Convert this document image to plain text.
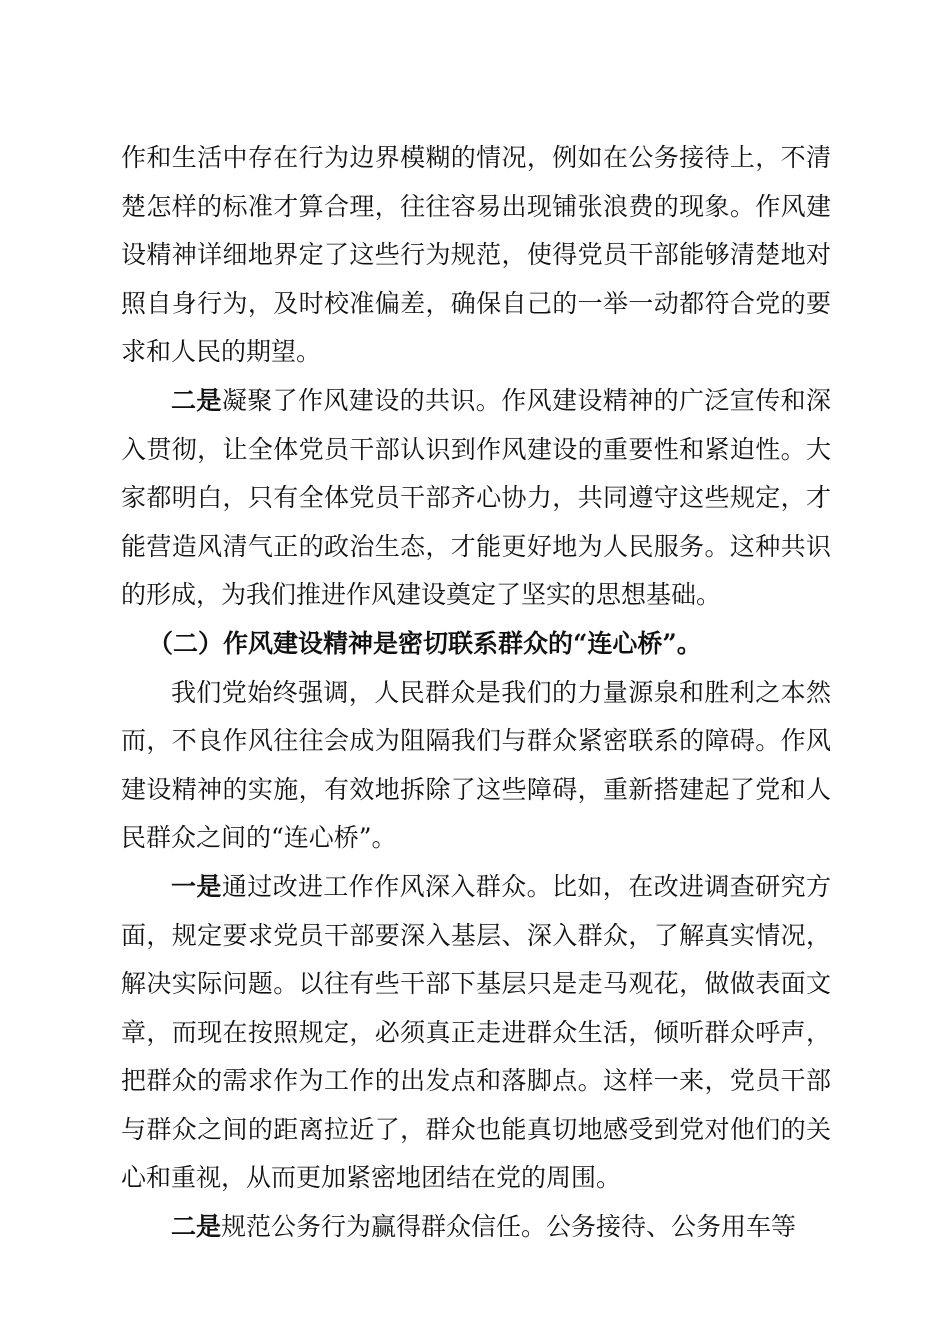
作和生活中存在行为边界模糊的情况，例如在公务接待上，不清楚怎样的标准才算合理，往往容易出现铺张浪费的现象。作风建设精神详细地界定了这些行为规范，使得党员干部能够清楚地对照自身行为，及时校准偏差，确保自己的一举一动都符合党的要求和人民的期望。

二是凝聚了作风建设的共识。作风建设精神的广泛宣传和深入贯彻，让全体党员干部认识到作风建设的重要性和紧迫性。大家都明白，只有全体党员干部齐心协力，共同遵守这些规定，才能营造风清气正的政治生态，才能更好地为人民服务。这种共识的形成，为我们推进作风建设奠定了坚实的思想基础。

（二）作风建设精神是密切联系群众的“连心桥”。

我们党始终强调，人民群众是我们的力量源泉和胜利之本然而，不良作风往往会成为阻隔我们与群众紧密联系的障碍。作风建设精神的实施，有效地拆除了这些障碍，重新搭建起了党和人民群众之间的“连心桥”。

一是通过改进工作作风深入群众。比如，在改进调查研究方面，规定要求党员干部要深入基层、深入群众，了解真实情况，解决实际问题。以往有些干部下基层只是走马观花，做做表面文章，而现在按照规定，必须真正走进群众生活，倾听群众呼声，把群众的需求作为工作的出发点和落脚点。这样一来，党员干部与群众之间的距离拉近了，群众也能真切地感受到党对他们的关心和重视，从而更加紧密地团结在党的周围。

二是规范公务行为赢得群众信任。公务接待、公务用车等
